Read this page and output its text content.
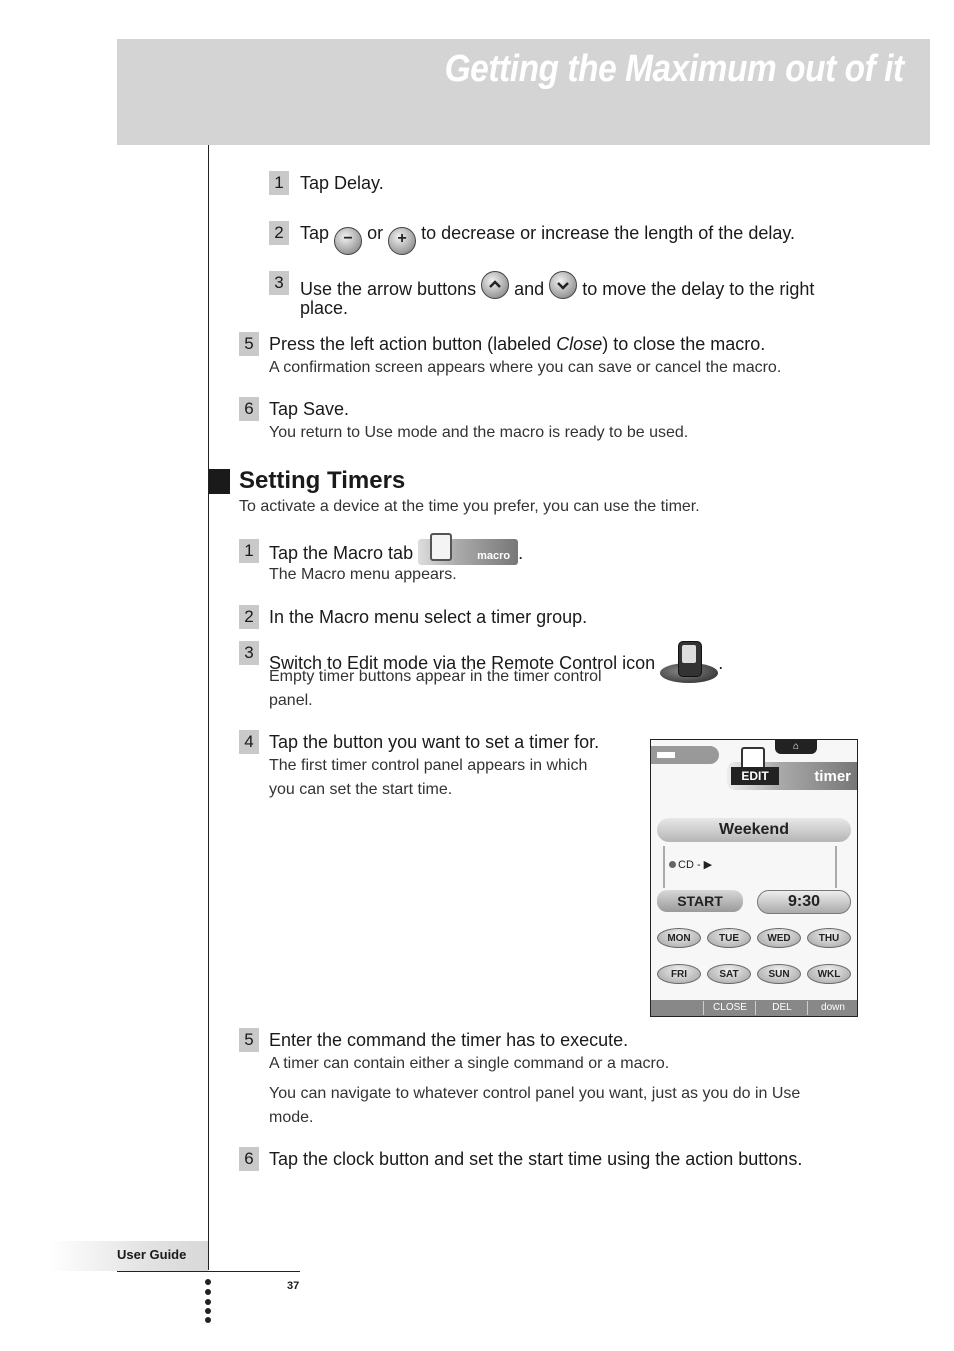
Getting the Maximum out of it
1 Tap Delay.
2 Tap − or + to decrease or increase the length of the delay.
3 Use the arrow buttons and to move the delay to the right
place.
5 Press the left action button (labeled Close) to close the macro.
A confirmation screen appears where you can save or cancel the macro.
6 Tap Save.
You return to Use mode and the macro is ready to be used.
Setting Timers
To activate a device at the time you prefer, you can use the timer.
1 Tap the Macro tab	macro .
The Macro menu appears.
2 In the Macro menu select a timer group.
3
Switch to Edit mode via the Remote Control icon	.
Empty timer buttons appear in the timer control
panel.
4 Tap the button you want to set a timer for.
The first timer control panel appears in which
you can set the start time.
⌂
EDIT	timer
Weekend
CD - ▶
START	9:30
MON	TUE	WED	THU
FRI	SAT	SUN	WKL
CLOSE	DEL	down
5 Enter the command the timer has to execute.
A timer can contain either a single command or a macro.
You can navigate to whatever control panel you want, just as you do in Use
mode.
6 Tap the clock button and set the start time using the action buttons.
User Guide
37
